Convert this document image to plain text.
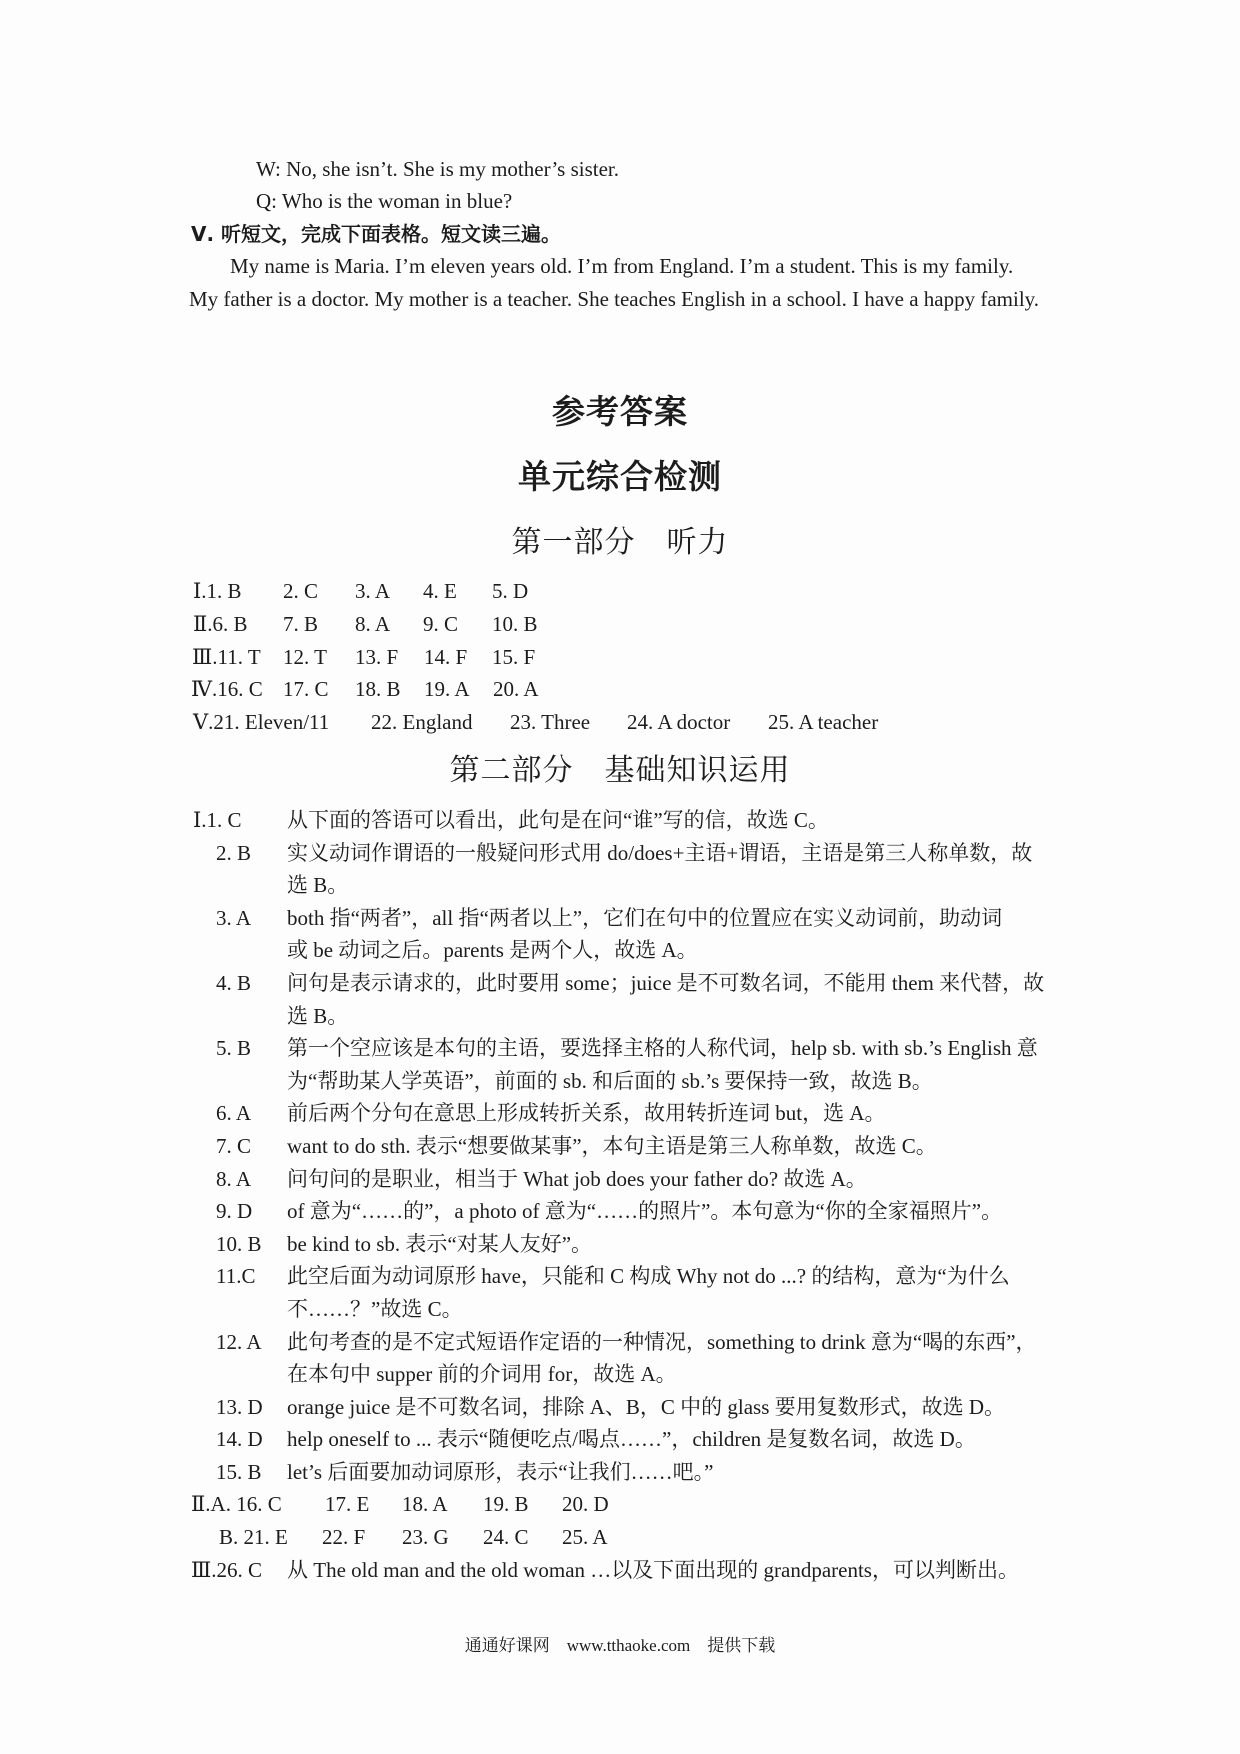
W: No, she isn’t. She is my mother’s sister.
Q: Who is the woman in blue?
Ⅴ. 听短文，完成下面表格。短文读三遍。
My name is Maria. I’m eleven years old. I’m from England. I’m a student. This is my family.
My father is a doctor. My mother is a teacher. She teaches English in a school. I have a happy family.
参考答案
单元综合检测
第一部分　听力
Ⅰ.1. B 2. C 3. A 4. E 5. D
Ⅱ.6. B 7. B 8. A 9. C 10. B
Ⅲ.11. T 12. T 13. F 14. F 15. F
Ⅳ.16. C 17. C 18. B 19. A 20. A
Ⅴ.21. Eleven/11 22. England 23. Three 24. A doctor 25. A teacher
第二部分　基础知识运用
Ⅰ.1. C 从下面的答语可以看出，此句是在问“谁”写的信，故选 C。
2. B 实义动词作谓语的一般疑问形式用 do/does+主语+谓语，主语是第三人称单数，故
选 B。
3. A both 指“两者”，all 指“两者以上”，它们在句中的位置应在实义动词前，助动词
或 be 动词之后。parents 是两个人，故选 A。
4. B 问句是表示请求的，此时要用 some；juice 是不可数名词，不能用 them 来代替，故
选 B。
5. B 第一个空应该是本句的主语，要选择主格的人称代词，help sb. with sb.’s English 意
为“帮助某人学英语”，前面的 sb. 和后面的 sb.’s 要保持一致，故选 B。
6. A 前后两个分句在意思上形成转折关系，故用转折连词 but，选 A。
7. C want to do sth. 表示“想要做某事”，本句主语是第三人称单数，故选 C。
8. A 问句问的是职业，相当于 What job does your father do? 故选 A。
9. D of 意为“……的”，a photo of 意为“……的照片”。本句意为“你的全家福照片”。
10. B be kind to sb. 表示“对某人友好”。
11.C 此空后面为动词原形 have，只能和 C 构成 Why not do ...? 的结构，意为“为什么
不……？”故选 C。
12. A 此句考查的是不定式短语作定语的一种情况，something to drink 意为“喝的东西”，
在本句中 supper 前的介词用 for，故选 A。
13. D orange juice 是不可数名词，排除 A、B，C 中的 glass 要用复数形式，故选 D。
14. D help oneself to ... 表示“随便吃点/喝点……”，children 是复数名词，故选 D。
15. B let’s 后面要加动词原形，表示“让我们……吧。”
Ⅱ.A. 16. C 17. E 18. A 19. B 20. D
B. 21. E 22. F 23. G 24. C 25. A
Ⅲ.26. C 从 The old man and the old woman …以及下面出现的 grandparents，可以判断出。
通通好课网　www.tthaoke.com　提供下载
